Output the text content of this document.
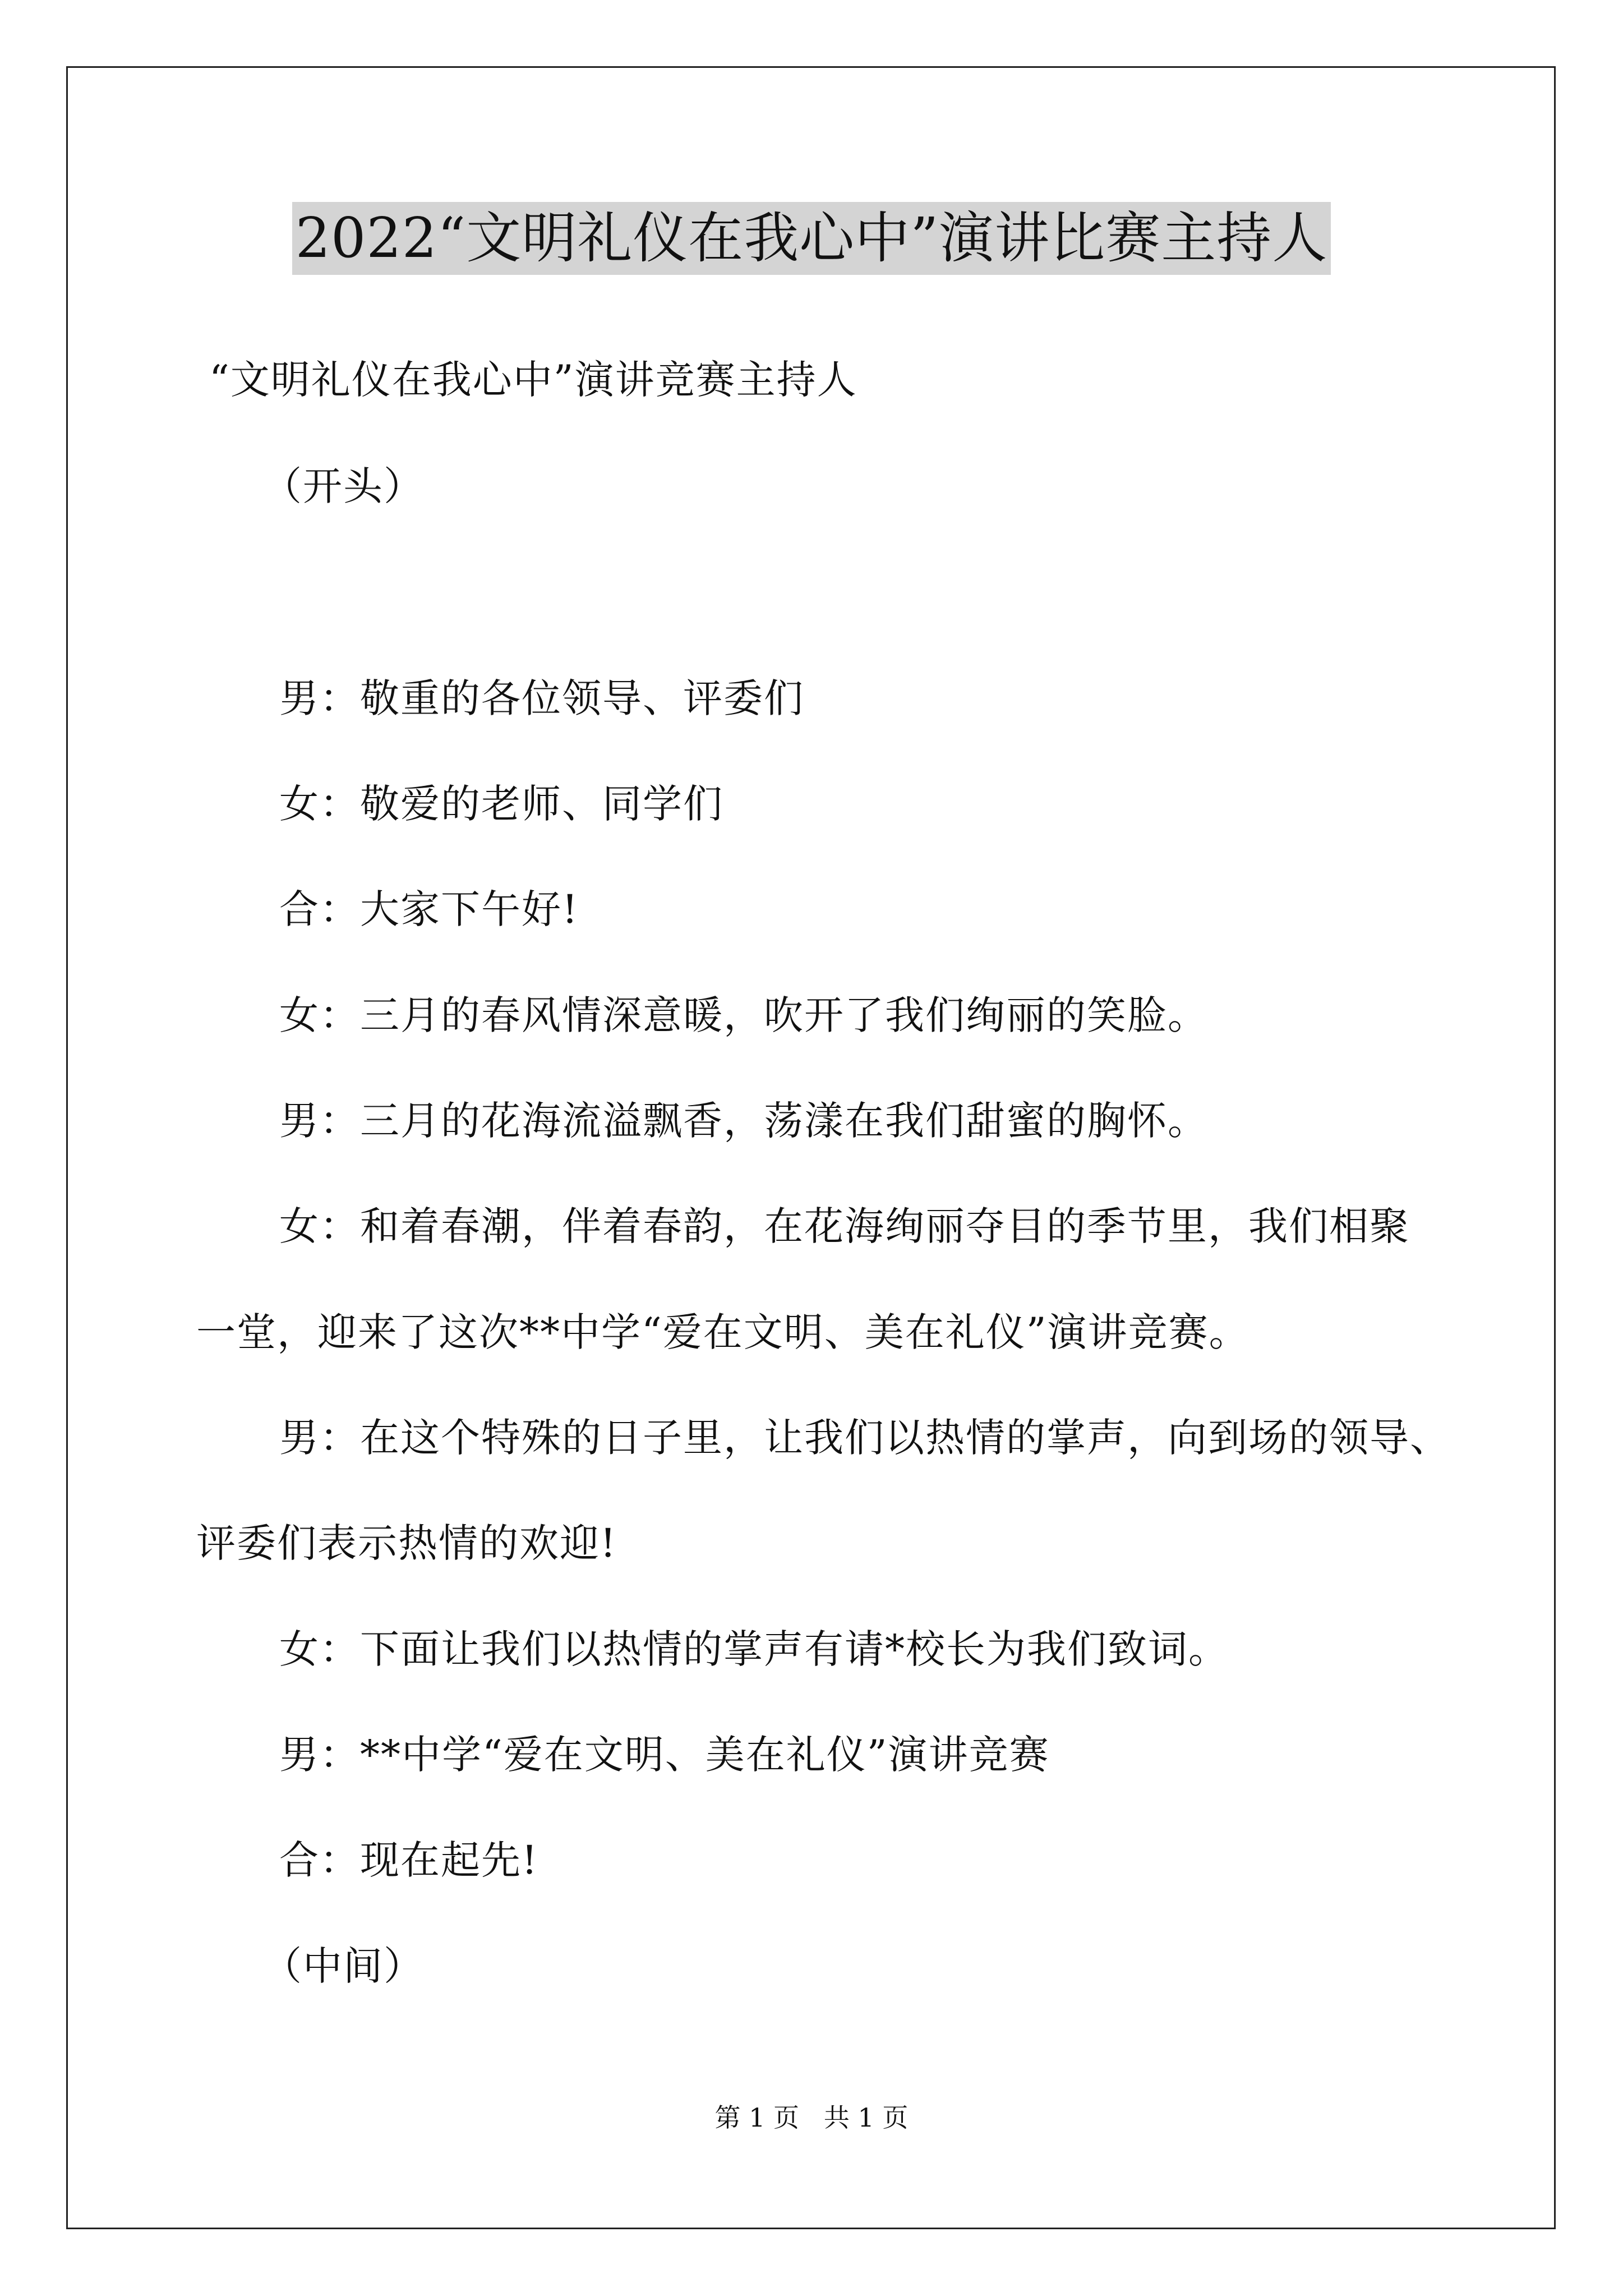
2022“文明礼仪在我心中”演讲比赛主持人
“文明礼仪在我心中”演讲竞赛主持人
（开头）
男：敬重的各位领导、评委们
女：敬爱的老师、同学们
合：大家下午好!
女：三月的春风情深意暖，吹开了我们绚丽的笑脸。
男：三月的花海流溢飘香，荡漾在我们甜蜜的胸怀。
女：和着春潮，伴着春韵，在花海绚丽夺目的季节里，我们相聚
一堂，迎来了这次**中学“爱在文明、美在礼仪”演讲竞赛。
男：在这个特殊的日子里，让我们以热情的掌声，向到场的领导、
评委们表示热情的欢迎!
女：下面让我们以热情的掌声有请*校长为我们致词。
男：**中学“爱在文明、美在礼仪”演讲竞赛
合：现在起先!
（中间）
第 1 页   共 1 页
